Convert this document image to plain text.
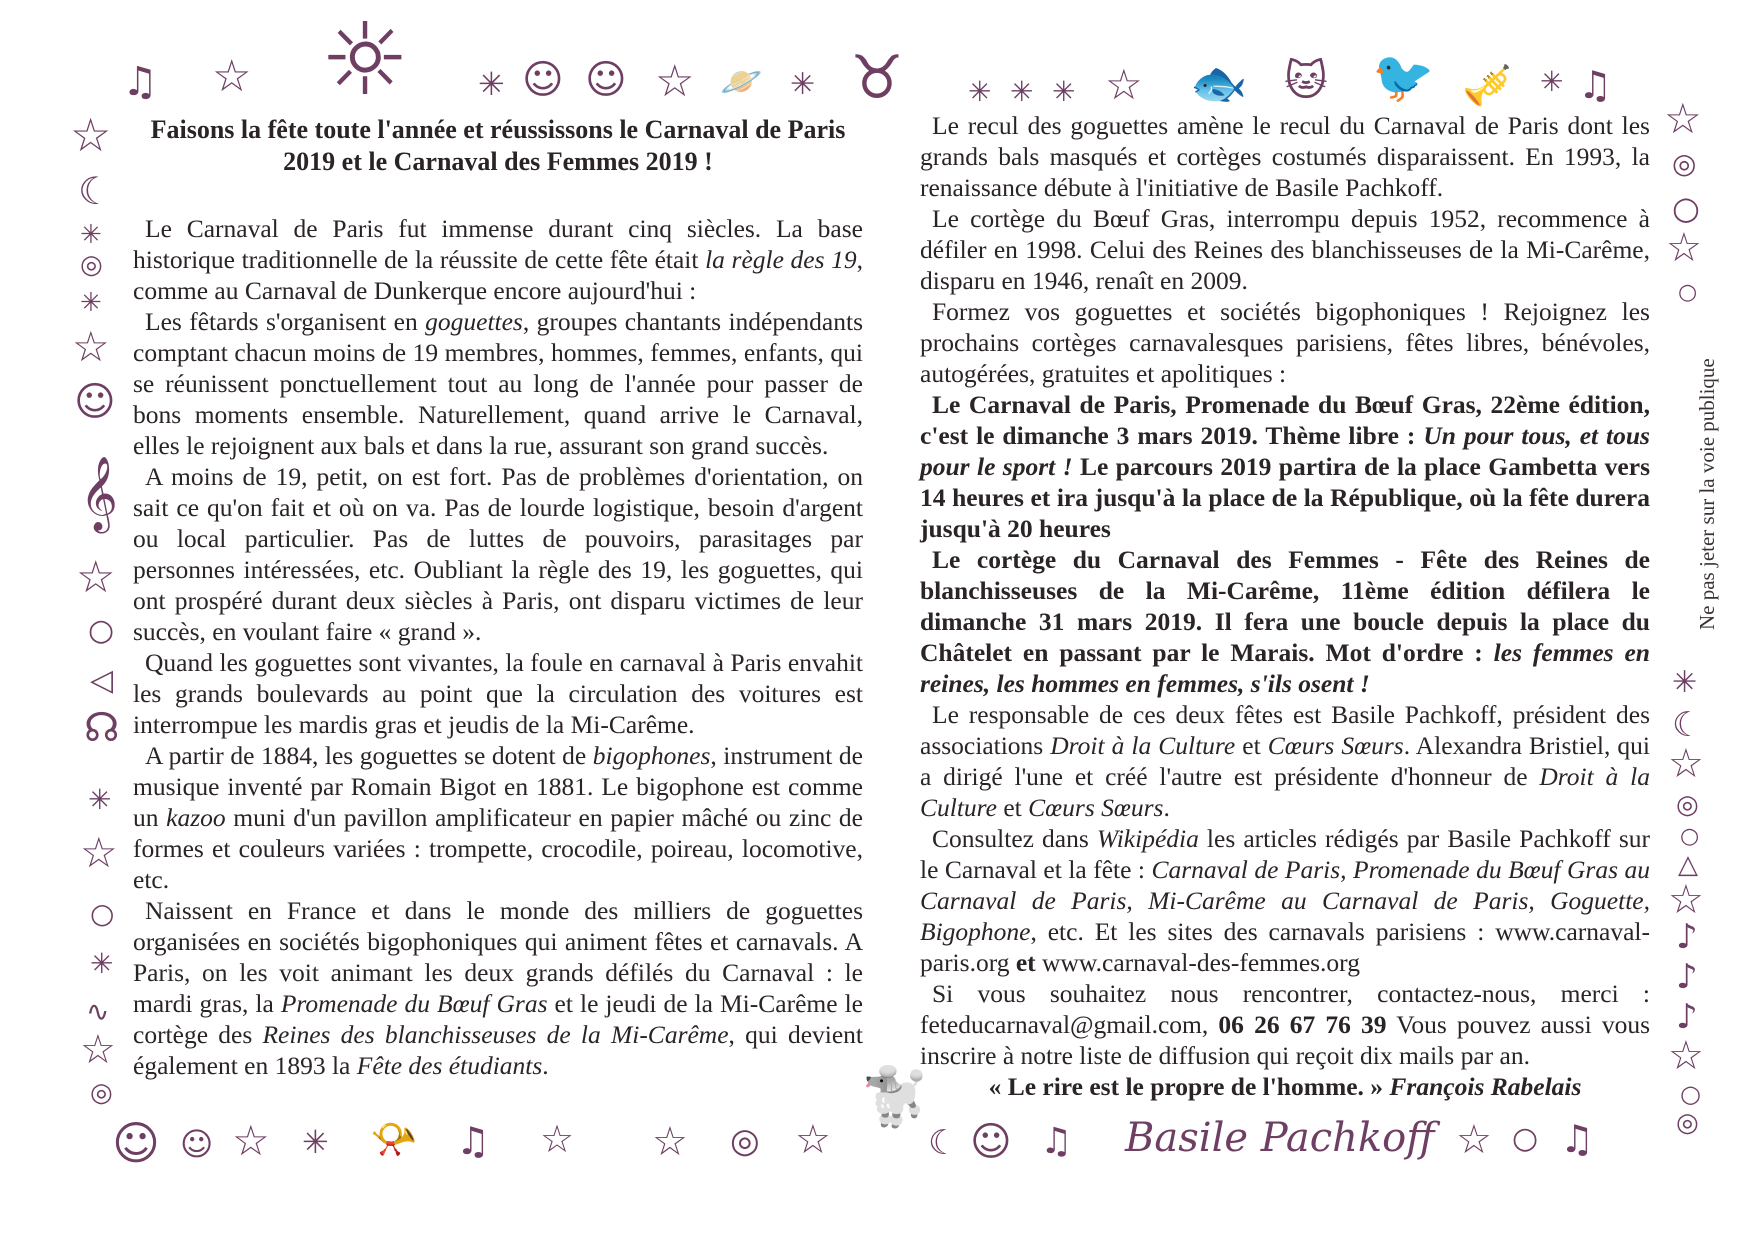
☼
♫ ☆	✳ ☺ ☺ ☆ 🪐 ✳ ♉ ✳ ✳ ✳ ☆ 🐟 🐱 🐦 🎺 ✳ ♫
☆
☾
✳
◎
✳
☆
☺
𝄞
☆
○
◁
☊
✳
☆
○
✳
∿
☆
◎
☆
◎
○
☆
○
✳
☾
☆
◎
○
△
☆
♪
♪
♪
☆
○
◎
☺ ☺ ☆ ✳ 📯 ♫ ☆ ☆ ◎ ☆
🐩
☾ ☺ ♫	☆ ○ ♫
Faisons la fête toute l'année et réussissons le Carnaval de Paris 2019 et le Carnaval des Femmes 2019 !

Le Carnaval de Paris fut immense durant cinq siècles. La base historique traditionnelle de la réussite de cette fête était la règle des 19, comme au Carnaval de Dunkerque encore aujourd'hui :

Les fêtards s'organisent en goguettes, groupes chantants indépendants comptant chacun moins de 19 membres, hommes, femmes, enfants, qui se réunissent ponctuellement tout au long de l'année pour passer de bons moments ensemble. Naturellement, quand arrive le Carnaval, elles le rejoignent aux bals et dans la rue, assurant son grand succès.

A moins de 19, petit, on est fort. Pas de problèmes d'orientation, on sait ce qu'on fait et où on va. Pas de lourde logistique, besoin d'argent ou local particulier. Pas de luttes de pouvoirs, parasitages par personnes intéressées, etc. Oubliant la règle des 19, les goguettes, qui ont prospéré durant deux siècles à Paris, ont disparu victimes de leur succès, en voulant faire « grand ».

Quand les goguettes sont vivantes, la foule en carnaval à Paris envahit les grands boulevards au point que la circulation des voitures est interrompue les mardis gras et jeudis de la Mi-Carême.

A partir de 1884, les goguettes se dotent de bigophones, instrument de musique inventé par Romain Bigot en 1881. Le bigophone est comme un kazoo muni d'un pavillon amplificateur en papier mâché ou zinc de formes et couleurs variées : trompette, crocodile, poireau, locomotive, etc.

Naissent en France et dans le monde des milliers de goguettes organisées en sociétés bigophoniques qui animent fêtes et carnavals. A Paris, on les voit animant les deux grands défilés du Carnaval : le mardi gras, la Promenade du Bœuf Gras et le jeudi de la Mi-Carême le cortège des Reines des blanchisseuses de la Mi-Carême, qui devient également en 1893 la Fête des étudiants.

Le recul des goguettes amène le recul du Carnaval de Paris dont les grands bals masqués et cortèges costumés disparaissent. En 1993, la renaissance débute à l'initiative de Basile Pachkoff.

Le cortège du Bœuf Gras, interrompu depuis 1952, recommence à défiler en 1998. Celui des Reines des blanchisseuses de la Mi-Carême, disparu en 1946, renaît en 2009.

Formez vos goguettes et sociétés bigophoniques ! Rejoignez les prochains cortèges carnavalesques parisiens, fêtes libres, bénévoles, autogérées, gratuites et apolitiques :

Le Carnaval de Paris, Promenade du Bœuf Gras, 22ème édition, c'est le dimanche 3 mars 2019. Thème libre : Un pour tous, et tous pour le sport ! Le parcours 2019 partira de la place Gambetta vers 14 heures et ira jusqu'à la place de la République, où la fête durera jusqu'à 20 heures

Le cortège du Carnaval des Femmes - Fête des Reines de blanchisseuses de la Mi-Carême, 11ème édition défilera le dimanche 31 mars 2019. Il fera une boucle depuis la place du Châtelet en passant par le Marais. Mot d'ordre : les femmes en reines, les hommes en femmes, s'ils osent !

Le responsable de ces deux fêtes est Basile Pachkoff, président des associations Droit à la Culture et Cœurs Sœurs. Alexandra Bristiel, qui a dirigé l'une et créé l'autre est présidente d'honneur de Droit à la Culture et Cœurs Sœurs.

Consultez dans Wikipédia les articles rédigés par Basile Pachkoff sur le Carnaval et la fête : Carnaval de Paris, Promenade du Bœuf Gras au Carnaval de Paris, Mi-Carême au Carnaval de Paris, Goguette, Bigophone, etc. Et les sites des carnavals parisiens : www.carnaval-paris.org et www.carnaval-des-femmes.org

Si vous souhaitez nous rencontrer, contactez-nous, merci : feteducarnaval@gmail.com, 06 26 67 76 39 Vous pouvez aussi vous inscrire à notre liste de diffusion qui reçoit dix mails par an.

« Le rire est le propre de l'homme. » François Rabelais

Ne pas jeter sur la voie publique
Basile Pachkoff
